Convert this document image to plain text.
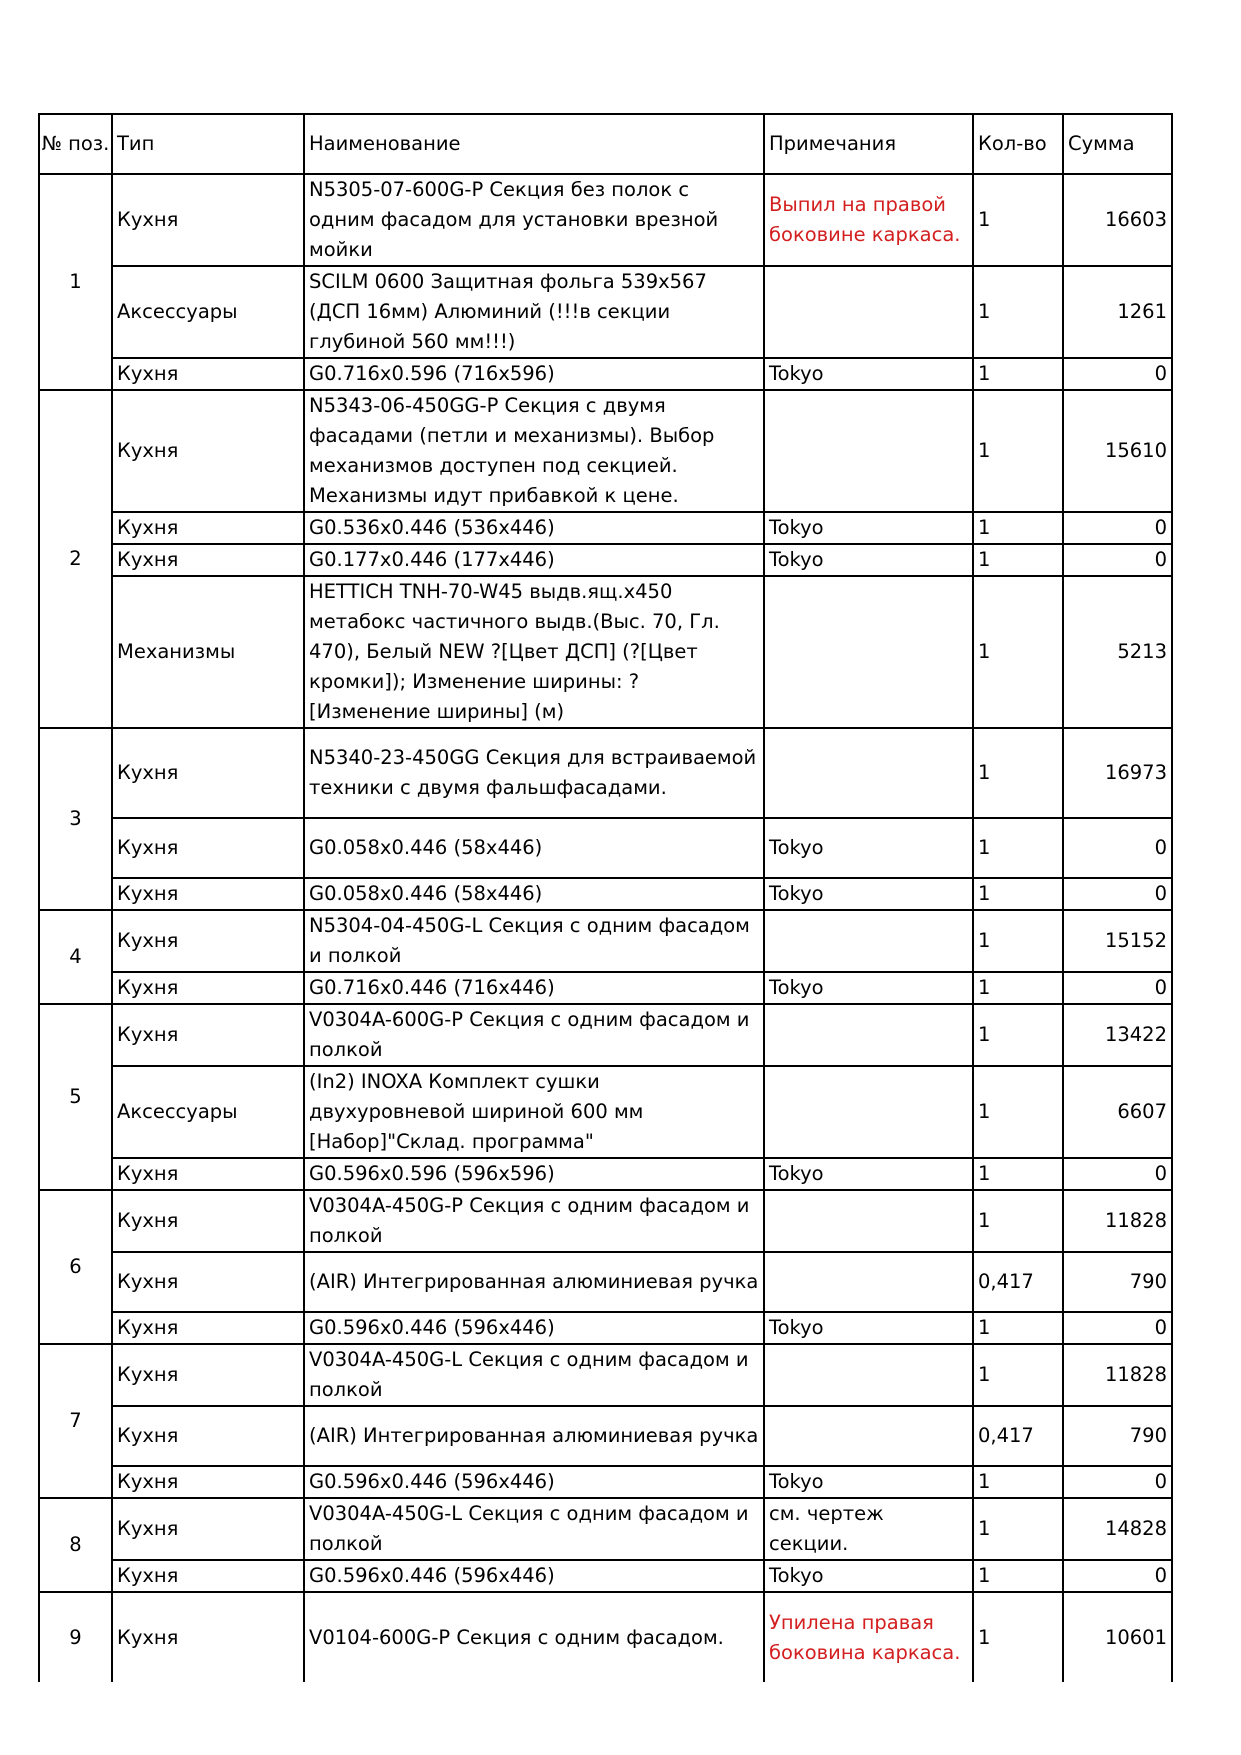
№ поз.	Тип	Наименование	Примечания	Кол-во	Сумма
1	Кухня	N5305-07-600G-P Секция без полок с одним фасадом для установки врезной мойки	Выпил на правой боковине каркаса.	1	16603
	Аксессуары	SCILM 0600 Защитная фольга 539x567 (ДСП 16мм) Алюминий (!!!в секции глубиной 560 мм!!!)		1	1261
	Кухня	G0.716x0.596 (716x596)	Tokyo	1	0
2	Кухня	N5343-06-450GG-P Секция с двумя фасадами (петли и механизмы). Выбор механизмов доступен под секцией. Механизмы идут прибавкой к цене.		1	15610
	Кухня	G0.536x0.446 (536x446)	Tokyo	1	0
	Кухня	G0.177x0.446 (177x446)	Tokyo	1	0
	Механизмы	HETTICH TNH-70-W45 выдв.ящ.x450 метабокс частичного выдв.(Выс. 70, Гл. 470), Белый NEW ?[Цвет ДСП] (?[Цвет кромки]); Изменение ширины: ?[Изменение ширины] (м)		1	5213
3	Кухня	N5340-23-450GG Секция для встраиваемой техники с двумя фальшфасадами.		1	16973
	Кухня	G0.058x0.446 (58x446)	Tokyo	1	0
	Кухня	G0.058x0.446 (58x446)	Tokyo	1	0
4	Кухня	N5304-04-450G-L Секция с одним фасадом и полкой		1	15152
	Кухня	G0.716x0.446 (716x446)	Tokyo	1	0
5	Кухня	V0304A-600G-P Секция с одним фасадом и полкой		1	13422
	Аксессуары	(In2) INOXA Комплект сушки двухуровневой шириной 600 мм [Набор]"Склад. программа"		1	6607
	Кухня	G0.596x0.596 (596x596)	Tokyo	1	0
6	Кухня	V0304A-450G-P Секция с одним фасадом и полкой		1	11828
	Кухня	(AIR) Интегрированная алюминиевая ручка		0,417	790
	Кухня	G0.596x0.446 (596x446)	Tokyo	1	0
7	Кухня	V0304A-450G-L Секция с одним фасадом и полкой		1	11828
	Кухня	(AIR) Интегрированная алюминиевая ручка		0,417	790
	Кухня	G0.596x0.446 (596x446)	Tokyo	1	0
8	Кухня	V0304A-450G-L Секция с одним фасадом и полкой	см. чертеж секции.	1	14828
	Кухня	G0.596x0.446 (596x446)	Tokyo	1	0
9	Кухня	V0104-600G-P Секция с одним фасадом.	Упилена правая боковина каркаса.	1	10601
